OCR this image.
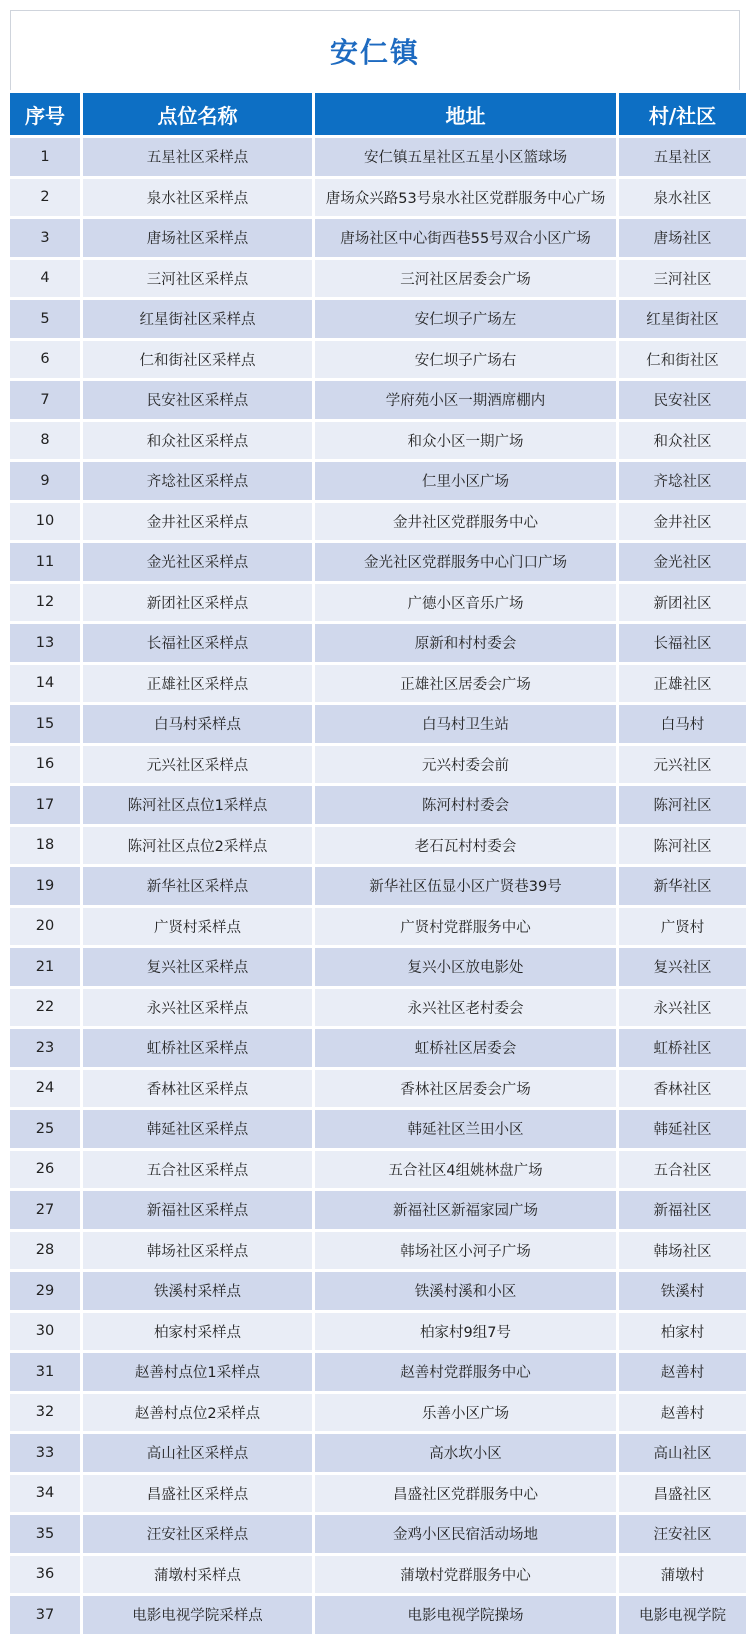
安仁镇
序号	点位名称	地址	村/社区
1	五星社区采样点	安仁镇五星社区五星小区篮球场	五星社区
2	泉水社区采样点	唐场众兴路53号泉水社区党群服务中心广场	泉水社区
3	唐场社区采样点	唐场社区中心街西巷55号双合小区广场	唐场社区
4	三河社区采样点	三河社区居委会广场	三河社区
5	红星街社区采样点	安仁坝子广场左	红星街社区
6	仁和街社区采样点	安仁坝子广场右	仁和街社区
7	民安社区采样点	学府苑小区一期酒席棚内	民安社区
8	和众社区采样点	和众小区一期广场	和众社区
9	齐埝社区采样点	仁里小区广场	齐埝社区
10	金井社区采样点	金井社区党群服务中心	金井社区
11	金光社区采样点	金光社区党群服务中心门口广场	金光社区
12	新团社区采样点	广德小区音乐广场	新团社区
13	长福社区采样点	原新和村村委会	长福社区
14	正雄社区采样点	正雄社区居委会广场	正雄社区
15	白马村采样点	白马村卫生站	白马村
16	元兴社区采样点	元兴村委会前	元兴社区
17	陈河社区点位1采样点	陈河村村委会	陈河社区
18	陈河社区点位2采样点	老石瓦村村委会	陈河社区
19	新华社区采样点	新华社区伍显小区广贤巷39号	新华社区
20	广贤村采样点	广贤村党群服务中心	广贤村
21	复兴社区采样点	复兴小区放电影处	复兴社区
22	永兴社区采样点	永兴社区老村委会	永兴社区
23	虹桥社区采样点	虹桥社区居委会	虹桥社区
24	香林社区采样点	香林社区居委会广场	香林社区
25	韩延社区采样点	韩延社区兰田小区	韩延社区
26	五合社区采样点	五合社区4组姚林盘广场	五合社区
27	新福社区采样点	新福社区新福家园广场	新福社区
28	韩场社区采样点	韩场社区小河子广场	韩场社区
29	铁溪村采样点	铁溪村溪和小区	铁溪村
30	柏家村采样点	柏家村9组7号	柏家村
31	赵善村点位1采样点	赵善村党群服务中心	赵善村
32	赵善村点位2采样点	乐善小区广场	赵善村
33	高山社区采样点	高水坎小区	高山社区
34	昌盛社区采样点	昌盛社区党群服务中心	昌盛社区
35	汪安社区采样点	金鸡小区民宿活动场地	汪安社区
36	蒲墩村采样点	蒲墩村党群服务中心	蒲墩村
37	电影电视学院采样点	电影电视学院操场	电影电视学院
